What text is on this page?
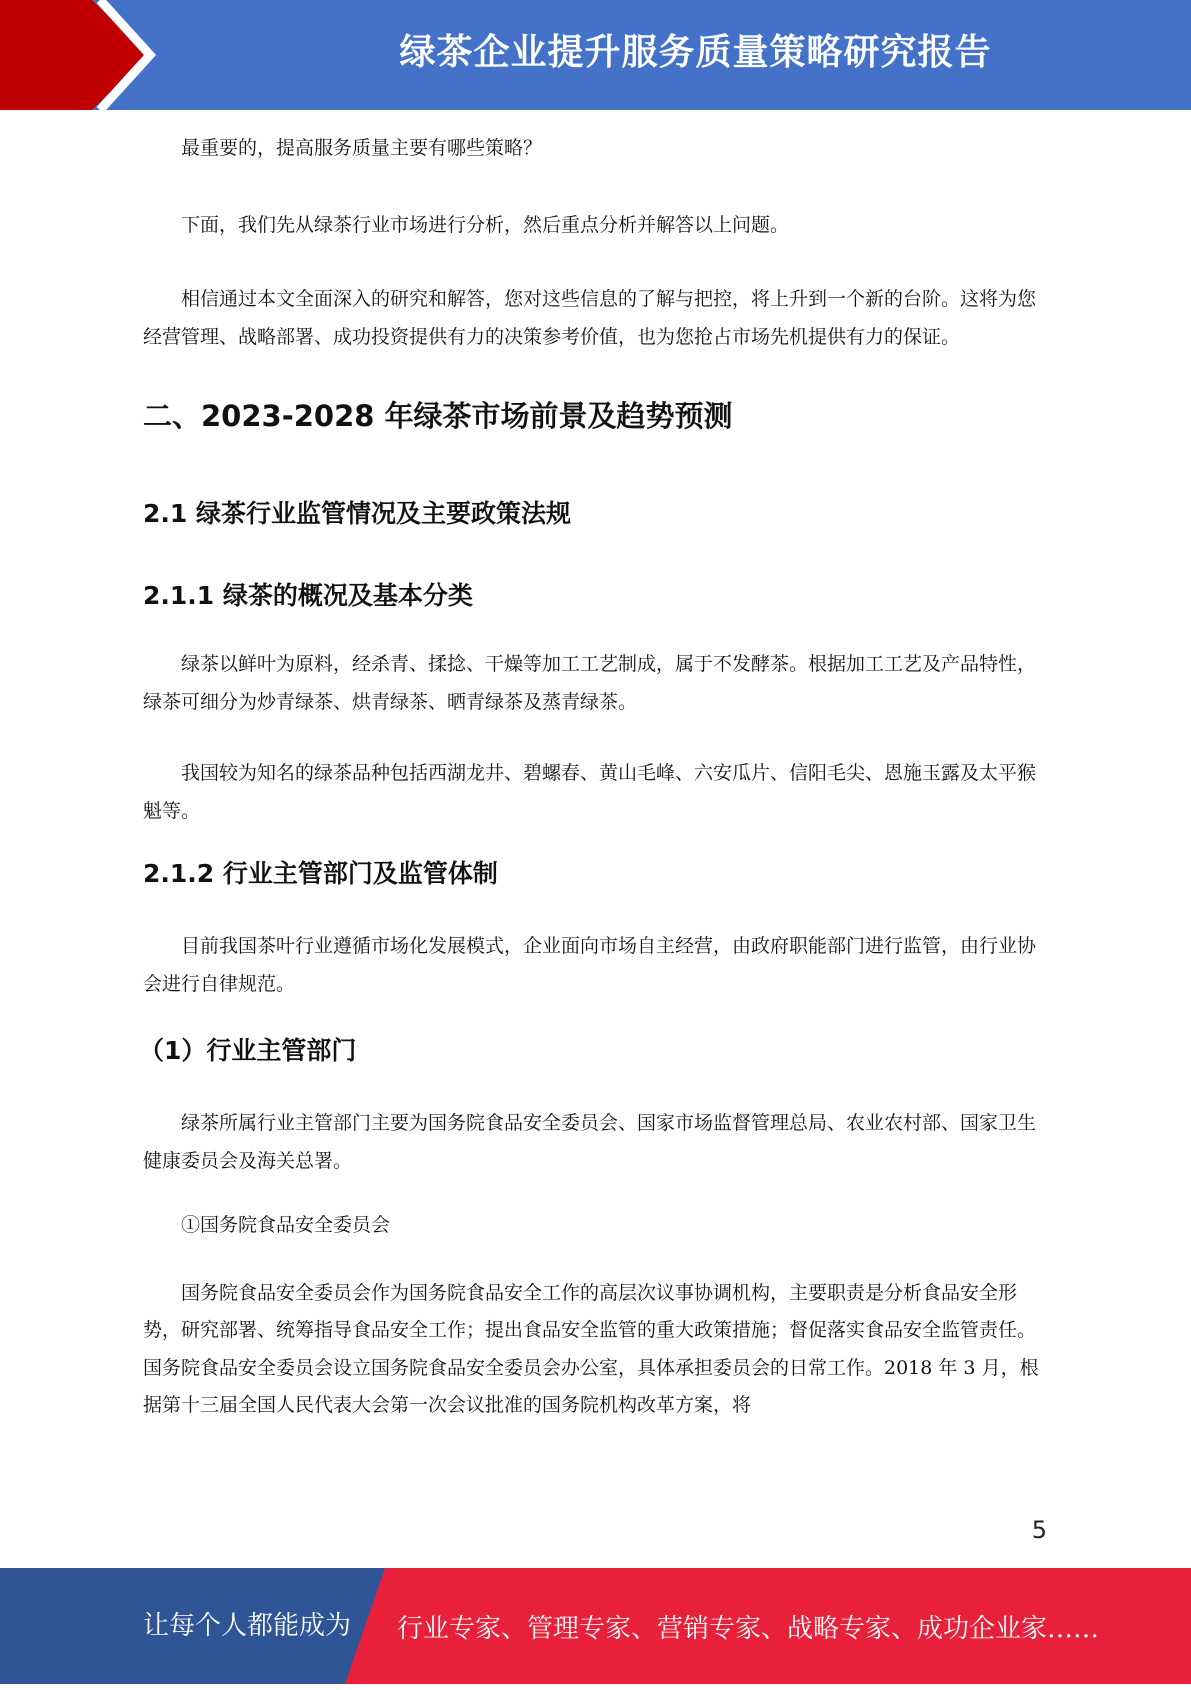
绿茶企业提升服务质量策略研究报告

最重要的，提高服务质量主要有哪些策略？

下面，我们先从绿茶行业市场进行分析，然后重点分析并解答以上问题。

相信通过本文全面深入的研究和解答，您对这些信息的了解与把控，将上升到一个新的台阶。这将为您经营管理、战略部署、成功投资提供有力的决策参考价值，也为您抢占市场先机提供有力的保证。

二、2023-2028 年绿茶市场前景及趋势预测
2.1 绿茶行业监管情况及主要政策法规
2.1.1 绿茶的概况及基本分类

绿茶以鲜叶为原料，经杀青、揉捻、干燥等加工工艺制成，属于不发酵茶。根据加工工艺及产品特性，绿茶可细分为炒青绿茶、烘青绿茶、晒青绿茶及蒸青绿茶。

我国较为知名的绿茶品种包括西湖龙井、碧螺春、黄山毛峰、六安瓜片、信阳毛尖、恩施玉露及太平猴魁等。

2.1.2 行业主管部门及监管体制

目前我国茶叶行业遵循市场化发展模式，企业面向市场自主经营，由政府职能部门进行监管，由行业协会进行自律规范。

（1）行业主管部门

绿茶所属行业主管部门主要为国务院食品安全委员会、国家市场监督管理总局、农业农村部、国家卫生健康委员会及海关总署。

①国务院食品安全委员会

国务院食品安全委员会作为国务院食品安全工作的高层次议事协调机构，主要职责是分析食品安全形势，研究部署、统筹指导食品安全工作；提出食品安全监管的重大政策措施；督促落实食品安全监管责任。国务院食品安全委员会设立国务院食品安全委员会办公室，具体承担委员会的日常工作。2018 年 3 月，根据第十三届全国人民代表大会第一次会议批准的国务院机构改革方案，将

5
让每个人都能成为 行业专家、管理专家、营销专家、战略专家、成功企业家……
